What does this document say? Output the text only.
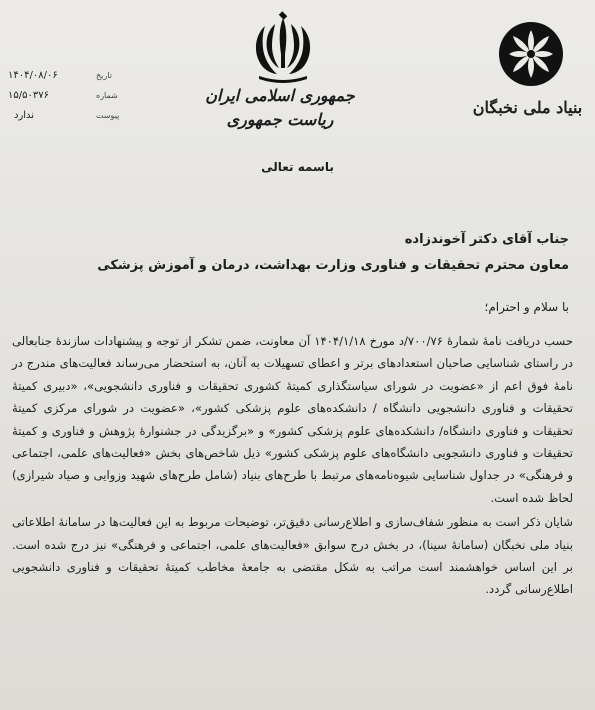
تاریخ
۱۴۰۴/۰۸/۰۶
شماره
۱۵/۵۰۳۷۶
پیوست
ندارد
جمهوری اسلامی ایران
ریاست جمهوری
بنیاد ملی نخبگان
باسمه تعالی
جناب آقای دکتر آخوندزاده
معاون محترم تحقیقات و فناوری وزارت بهداشت، درمان و آموزش پزشکی
با سلام و احترام؛

حسب دریافت نامهٔ شمارهٔ ۷۰۰/۷۶/د مورخ ۱۴۰۴/۱/۱۸ آن معاونت، ضمن تشکر از توجه و پیشنهادات سازندهٔ جنابعالی در راستای شناسایی صاحبان استعدادهای برتر و اعطای تسهیلات به آنان، به استحضار می‌رساند فعالیت‌های مندرج در نامهٔ فوق اعم از «عضویت در شورای سیاستگذاری کمیتهٔ کشوری تحقیقات و فناوری دانشجویی»، «دبیری کمیتهٔ تحقیقات و فناوری دانشجویی دانشگاه / دانشکده‌های علوم پزشکی کشور»، «عضویت در شورای مرکزی کمیتهٔ تحقیقات و فناوری دانشگاه/ دانشکده‌های علوم پزشکی کشور» و «برگزیدگی در جشنوارهٔ پژوهش و فناوری و کمیتهٔ تحقیقات و فناوری دانشجویی دانشگاه‌های علوم پزشکی کشور» ذیل شاخص‌های بخش «فعالیت‌های علمی، اجتماعی و فرهنگی» در جداول شناسایی شیوه‌نامه‌های مرتبط با طرح‌های بنیاد (شامل طرح‌های شهید وزوایی و صیاد شیرازی) لحاظ شده است.

شایان ذکر است به منظور شفاف‌سازی و اطلاع‌رسانی دقیق‌تر، توضیحات مربوط به این فعالیت‌ها در سامانهٔ اطلاعاتی بنیاد ملی نخبگان (سامانهٔ سینا)، در بخش درج سوابق «فعالیت‌های علمی، اجتماعی و فرهنگی» نیز درج شده است. بر این اساس خواهشمند است مراتب به شکل مقتضی به جامعهٔ مخاطب کمیتهٔ تحقیقات و فناوری دانشجویی اطلاع‌رسانی گردد.
